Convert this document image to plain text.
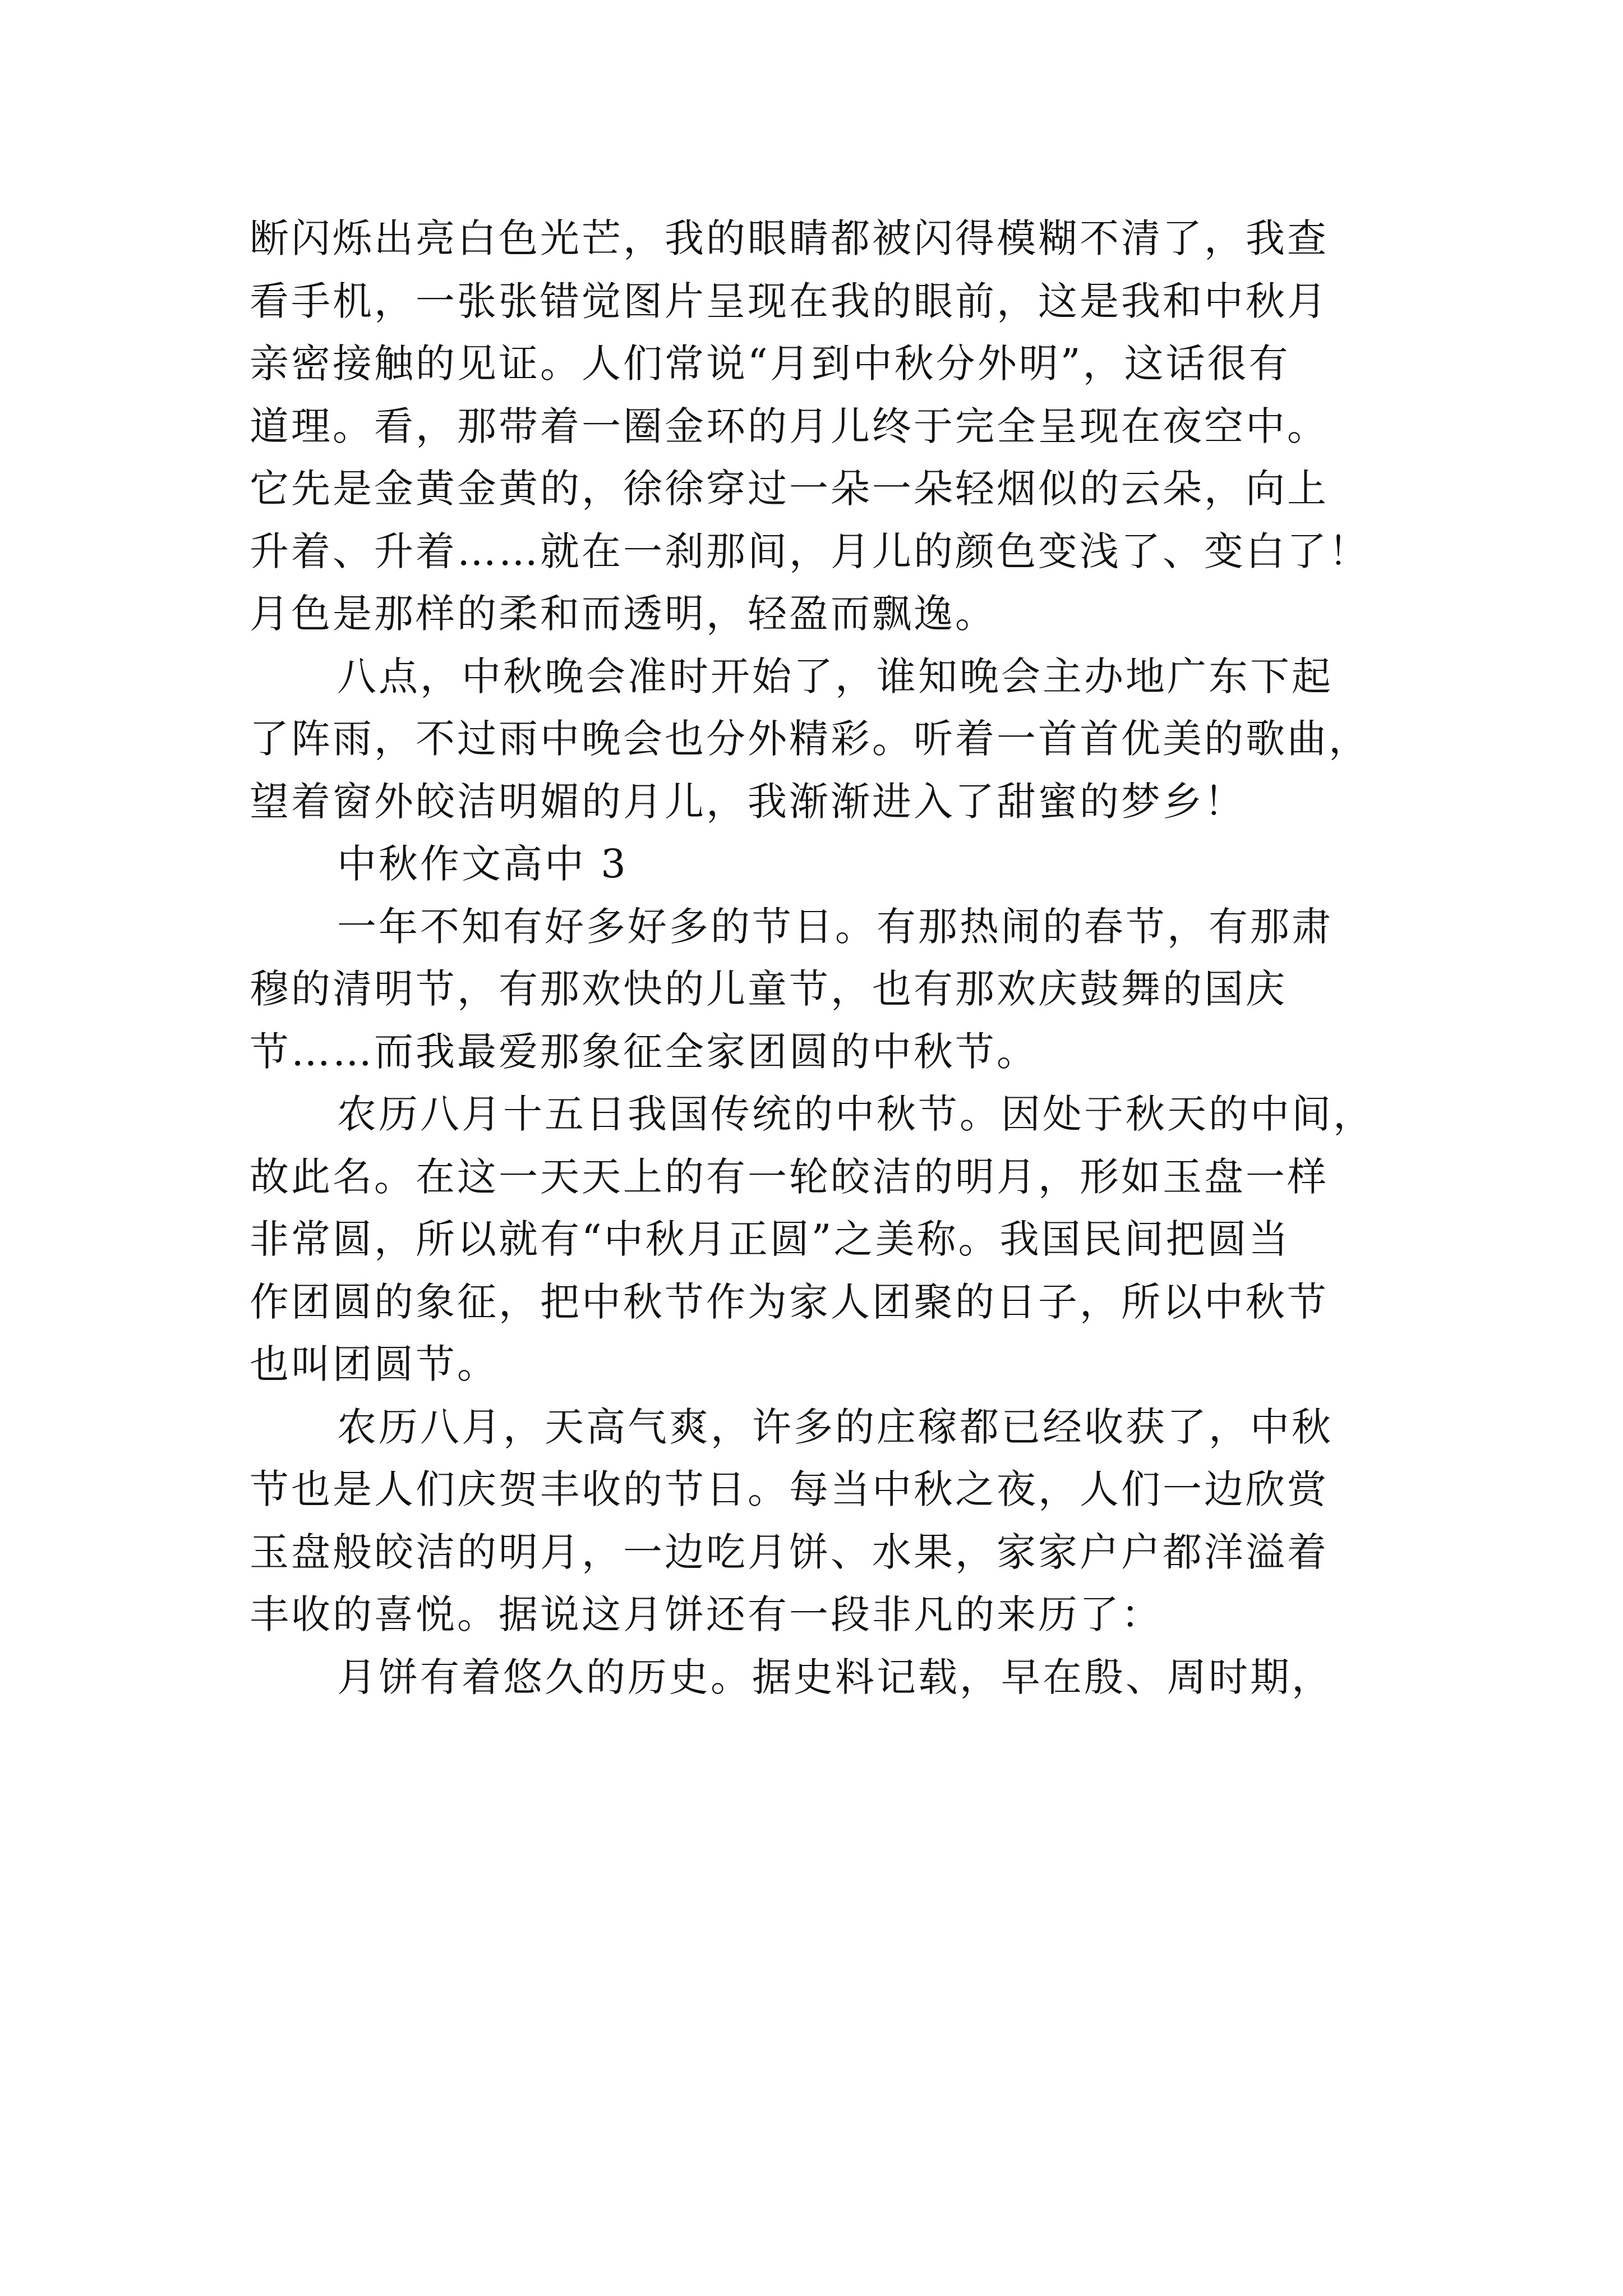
断闪烁出亮白色光芒，我的眼睛都被闪得模糊不清了，我查
看手机，一张张错觉图片呈现在我的眼前，这是我和中秋月
亲密接触的见证。人们常说“月到中秋分外明”，这话很有
道理。看，那带着一圈金环的月儿终于完全呈现在夜空中。
它先是金黄金黄的，徐徐穿过一朵一朵轻烟似的云朵，向上
升着、升着……就在一刹那间，月儿的颜色变浅了、变白了！
月色是那样的柔和而透明，轻盈而飘逸。
八点，中秋晚会准时开始了，谁知晚会主办地广东下起
了阵雨，不过雨中晚会也分外精彩。听着一首首优美的歌曲，
望着窗外皎洁明媚的月儿，我渐渐进入了甜蜜的梦乡！
中秋作文高中 3
一年不知有好多好多的节日。有那热闹的春节，有那肃
穆的清明节，有那欢快的儿童节，也有那欢庆鼓舞的国庆
节……而我最爱那象征全家团圆的中秋节。
农历八月十五日我国传统的中秋节。因处于秋天的中间，
故此名。在这一天天上的有一轮皎洁的明月，形如玉盘一样
非常圆，所以就有“中秋月正圆”之美称。我国民间把圆当
作团圆的象征，把中秋节作为家人团聚的日子，所以中秋节
也叫团圆节。
农历八月，天高气爽，许多的庄稼都已经收获了，中秋
节也是人们庆贺丰收的节日。每当中秋之夜，人们一边欣赏
玉盘般皎洁的明月，一边吃月饼、水果，家家户户都洋溢着
丰收的喜悦。据说这月饼还有一段非凡的来历了：
月饼有着悠久的历史。据史料记载，早在殷、周时期，
